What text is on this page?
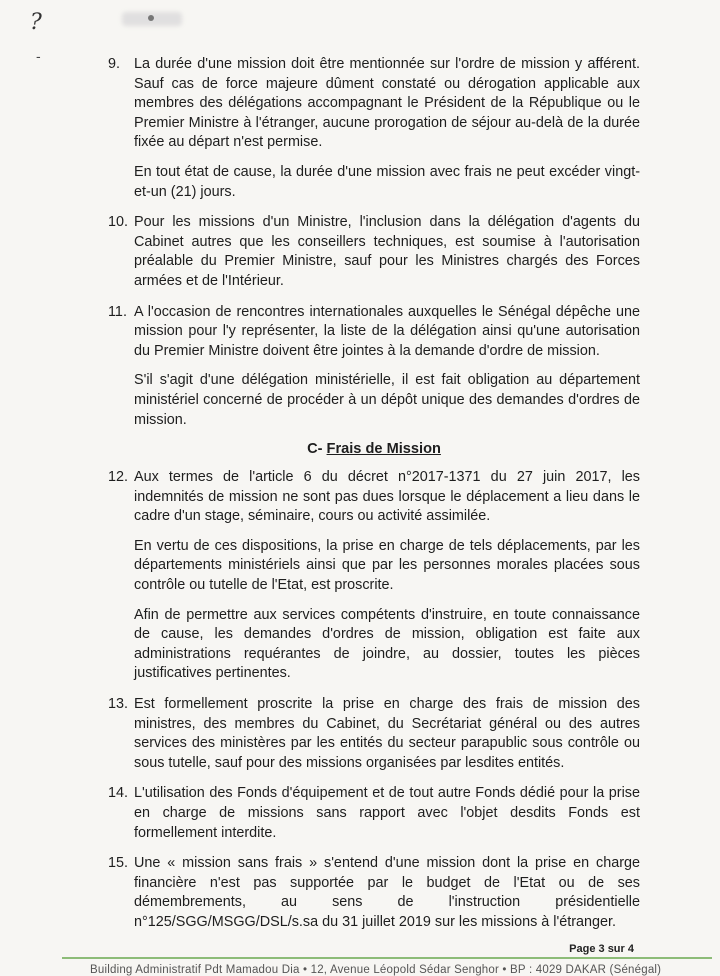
?
-	9. La durée d'une mission doit être mentionnée sur l'ordre de mission y afférent. Sauf cas de force majeure dûment constaté ou dérogation applicable aux membres des délégations accompagnant le Président de la République ou le Premier Ministre à l'étranger, aucune prorogation de séjour au-delà de la durée fixée au départ n'est permise.

En tout état de cause, la durée d'une mission avec frais ne peut excéder vingt-et-un (21) jours.

10. Pour les missions d'un Ministre, l'inclusion dans la délégation d'agents du Cabinet autres que les conseillers techniques, est soumise à l'autorisation préalable du Premier Ministre, sauf pour les Ministres chargés des Forces armées et de l'Intérieur.

11. A l'occasion de rencontres internationales auxquelles le Sénégal dépêche une mission pour l'y représenter, la liste de la délégation ainsi qu'une autorisation du Premier Ministre doivent être jointes à la demande d'ordre de mission.

S'il s'agit d'une délégation ministérielle, il est fait obligation au département ministériel concerné de procéder à un dépôt unique des demandes d'ordres de mission.

C- Frais de Mission
12. Aux termes de l'article 6 du décret n°2017-1371 du 27 juin 2017, les indemnités de mission ne sont pas dues lorsque le déplacement a lieu dans le cadre d'un stage, séminaire, cours ou activité assimilée.

En vertu de ces dispositions, la prise en charge de tels déplacements, par les départements ministériels ainsi que par les personnes morales placées sous contrôle ou tutelle de l'Etat, est proscrite.

Afin de permettre aux services compétents d'instruire, en toute connaissance de cause, les demandes d'ordres de mission, obligation est faite aux administrations requérantes de joindre, au dossier, toutes les pièces justificatives pertinentes.

13. Est formellement proscrite la prise en charge des frais de mission des ministres, des membres du Cabinet, du Secrétariat général ou des autres services des ministères par les entités du secteur parapublic sous contrôle ou sous tutelle, sauf pour des missions organisées par lesdites entités.

14. L'utilisation des Fonds d'équipement et de tout autre Fonds dédié pour la prise en charge de missions sans rapport avec l'objet desdits Fonds est formellement interdite.

15. Une « mission sans frais » s'entend d'une mission dont la prise en charge financière n'est pas supportée par le budget de l'Etat ou de ses démembrements, au sens de l'instruction présidentielle n°125/SGG/MSGG/DSL/s.sa du 31 juillet 2019 sur les missions à l'étranger.

Page 3 sur 4
Building Administratif Pdt Mamadou Dia • 12, Avenue Léopold Sédar Senghor • BP : 4029 DAKAR (Sénégal)
